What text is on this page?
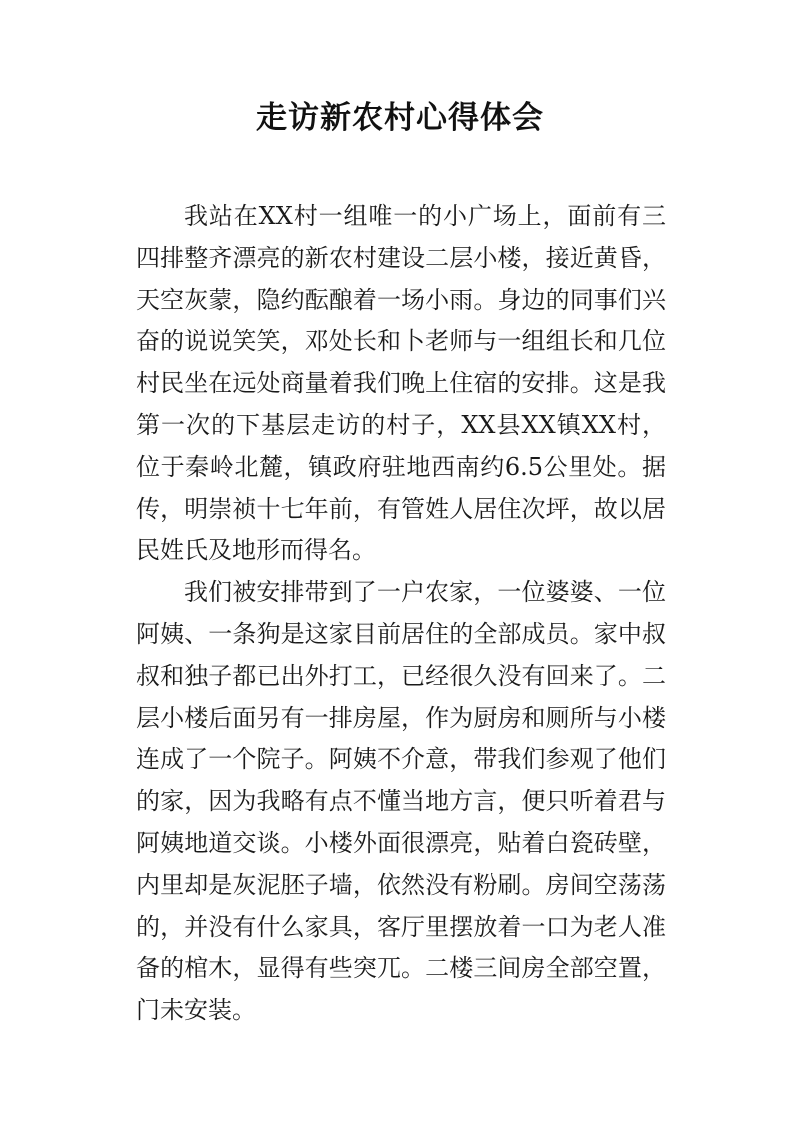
走访新农村心得体会

我站在XX村一组唯一的小广场上，面前有三四排整齐漂亮的新农村建设二层小楼，接近黄昏，天空灰蒙，隐约酝酿着一场小雨。身边的同事们兴奋的说说笑笑，邓处长和卜老师与一组组长和几位村民坐在远处商量着我们晚上住宿的安排。这是我第一次的下基层走访的村子，XX县XX镇XX村，位于秦岭北麓，镇政府驻地西南约6.5公里处。据传，明崇祯十七年前，有管姓人居住次坪，故以居民姓氏及地形而得名。

我们被安排带到了一户农家，一位婆婆、一位阿姨、一条狗是这家目前居住的全部成员。家中叔叔和独子都已出外打工，已经很久没有回来了。二层小楼后面另有一排房屋，作为厨房和厕所与小楼连成了一个院子。阿姨不介意，带我们参观了他们的家，因为我略有点不懂当地方言，便只听着君与阿姨地道交谈。小楼外面很漂亮，贴着白瓷砖壁，内里却是灰泥胚子墙，依然没有粉刷。房间空荡荡的，并没有什么家具，客厅里摆放着一口为老人准备的棺木，显得有些突兀。二楼三间房全部空置，门未安装。
